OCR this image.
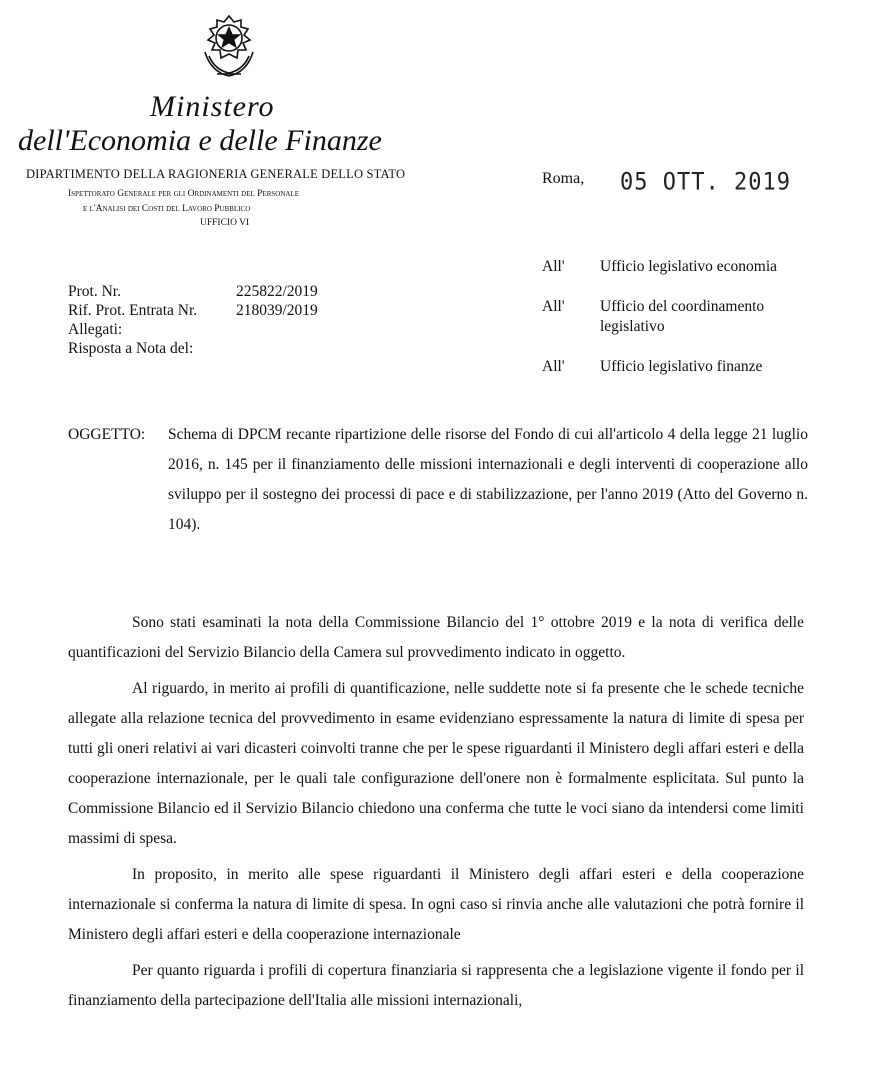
Ministero
dell'Economia e delle Finanze
DIPARTIMENTO DELLA RAGIONERIA GENERALE DELLO STATO
Ispettorato Generale per gli Ordinamenti del Personale
e l'Analisi dei Costi del Lavoro Pubblico
UFFICIO VI
Roma, 05 OTT. 2019
Prot. Nr.	225822/2019
Rif. Prot. Entrata Nr.	218039/2019
Allegati:
Risposta a Nota del:
All' Ufficio legislativo economia
All' Ufficio del coordinamento legislativo
All' Ufficio legislativo finanze
OGGETTO: Schema di DPCM recante ripartizione delle risorse del Fondo di cui all'articolo 4 della legge 21 luglio 2016, n. 145 per il finanziamento delle missioni internazionali e degli interventi di cooperazione allo sviluppo per il sostegno dei processi di pace e di stabilizzazione, per l'anno 2019 (Atto del Governo n. 104).

Sono stati esaminati la nota della Commissione Bilancio del 1° ottobre 2019 e la nota di verifica delle quantificazioni del Servizio Bilancio della Camera sul provvedimento indicato in oggetto.

Al riguardo, in merito ai profili di quantificazione, nelle suddette note si fa presente che le schede tecniche allegate alla relazione tecnica del provvedimento in esame evidenziano espressamente la natura di limite di spesa per tutti gli oneri relativi ai vari dicasteri coinvolti tranne che per le spese riguardanti il Ministero degli affari esteri e della cooperazione internazionale, per le quali tale configurazione dell'onere non è formalmente esplicitata. Sul punto la Commissione Bilancio ed il Servizio Bilancio chiedono una conferma che tutte le voci siano da intendersi come limiti massimi di spesa.

In proposito, in merito alle spese riguardanti il Ministero degli affari esteri e della cooperazione internazionale si conferma la natura di limite di spesa. In ogni caso si rinvia anche alle valutazioni che potrà fornire il Ministero degli affari esteri e della cooperazione internazionale

Per quanto riguarda i profili di copertura finanziaria si rappresenta che a legislazione vigente il fondo per il finanziamento della partecipazione dell'Italia alle missioni internazionali,
